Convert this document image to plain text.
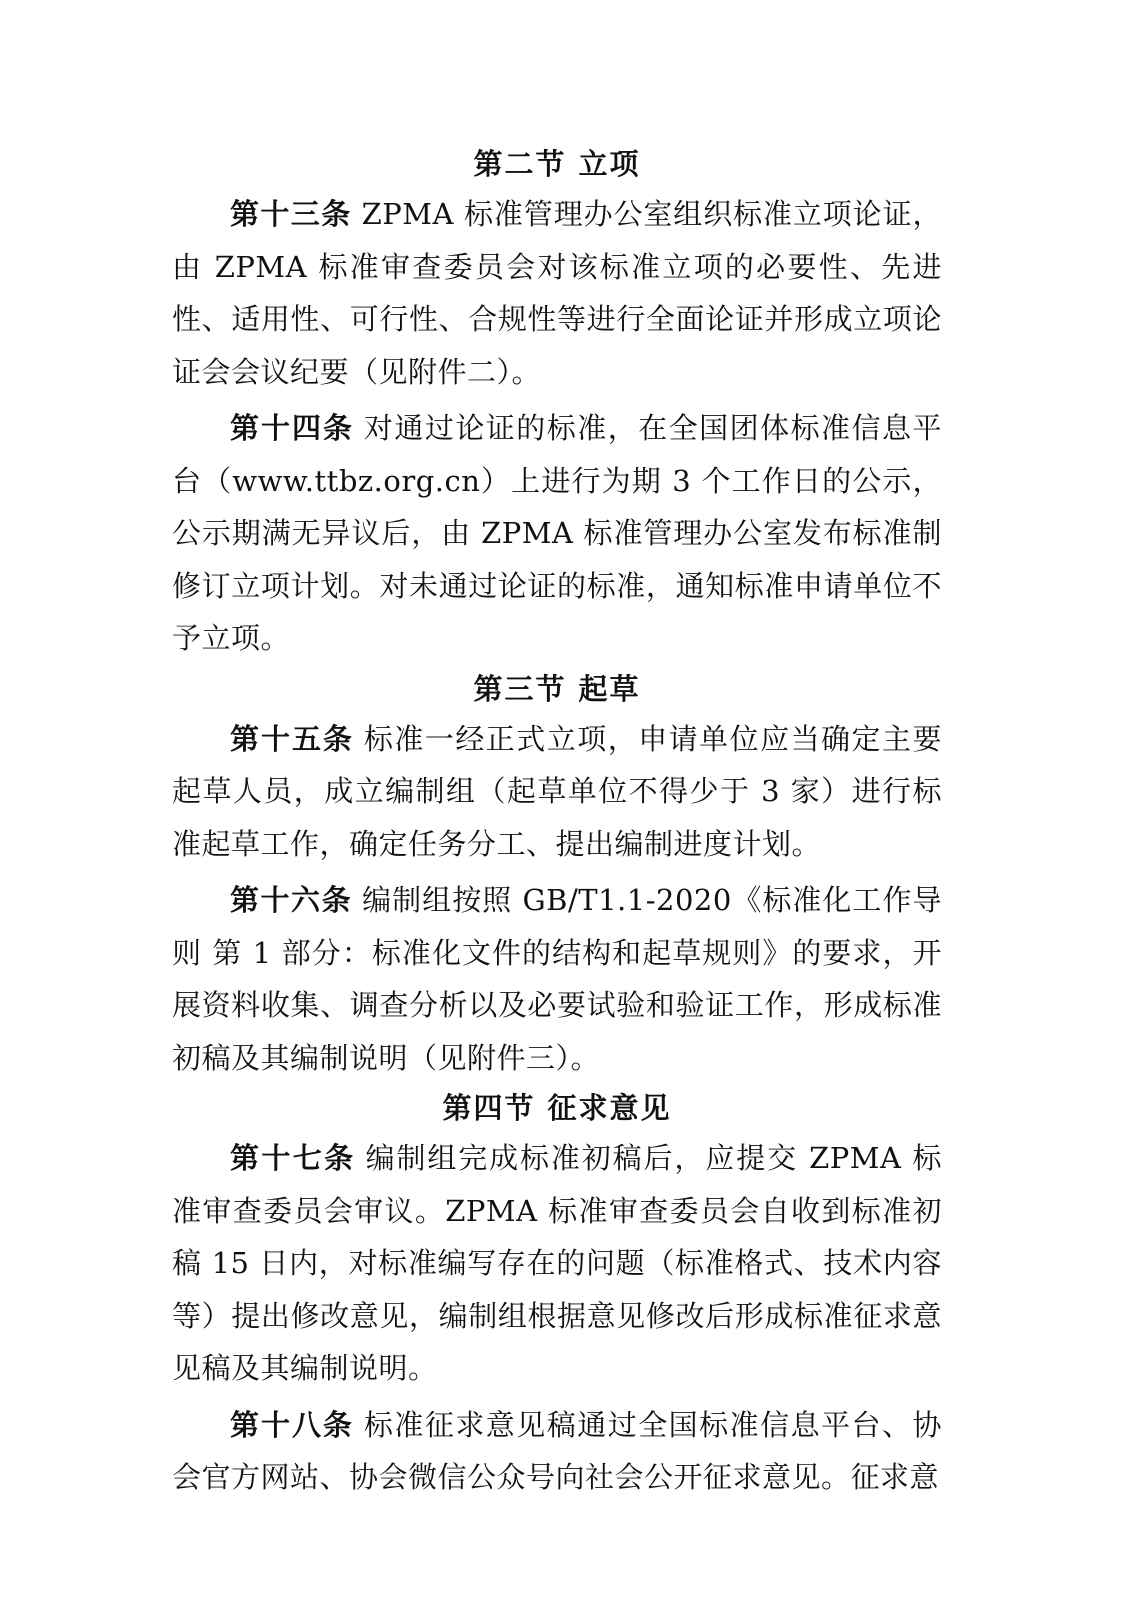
第二节 立项

第十三条 ZPMA 标准管理办公室组织标准立项论证，由 ZPMA 标准审查委员会对该标准立项的必要性、先进性、适用性、可行性、合规性等进行全面论证并形成立项论证会会议纪要（见附件二）。

第十四条 对通过论证的标准，在全国团体标准信息平台（www.ttbz.org.cn）上进行为期 3 个工作日的公示，公示期满无异议后，由 ZPMA 标准管理办公室发布标准制修订立项计划。对未通过论证的标准，通知标准申请单位不予立项。

第三节 起草

第十五条 标准一经正式立项，申请单位应当确定主要起草人员，成立编制组（起草单位不得少于 3 家）进行标准起草工作，确定任务分工、提出编制进度计划。

第十六条 编制组按照 GB/T1.1-2020《标准化工作导则 第 1 部分：标准化文件的结构和起草规则》的要求，开展资料收集、调查分析以及必要试验和验证工作，形成标准初稿及其编制说明（见附件三）。

第四节 征求意见

第十七条 编制组完成标准初稿后，应提交 ZPMA 标准审查委员会审议。ZPMA 标准审查委员会自收到标准初稿 15 日内，对标准编写存在的问题（标准格式、技术内容等）提出修改意见，编制组根据意见修改后形成标准征求意见稿及其编制说明。

第十八条 标准征求意见稿通过全国标准信息平台、协会官方网站、协会微信公众号向社会公开征求意见。征求意
